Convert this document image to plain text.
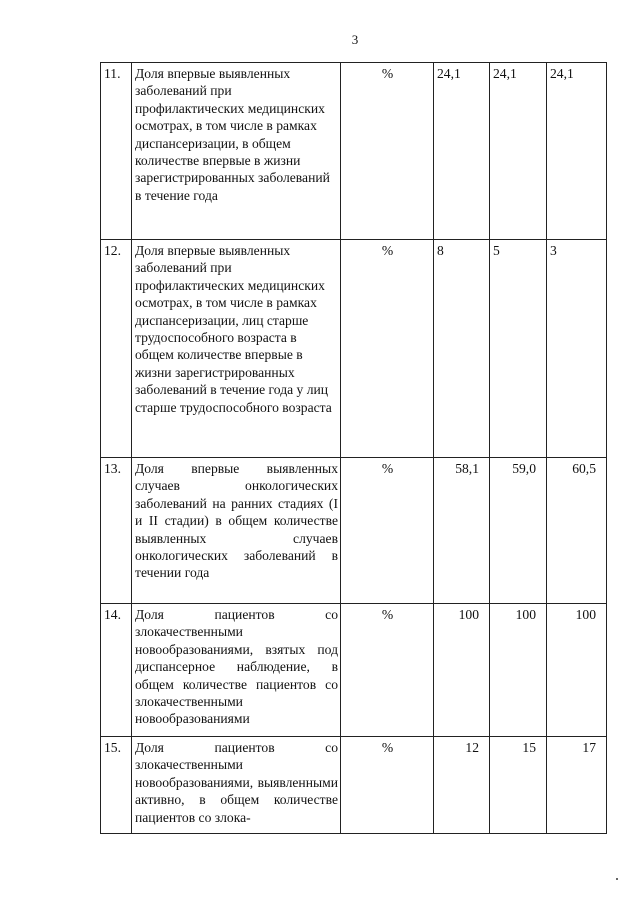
3
11.	Доля впервые выявленных заболеваний при профилактических медицинских осмотрах, в том числе в рамках диспансеризации, в общем количестве впервые в жизни зарегистрированных заболеваний в течение года	%	24,1	24,1	24,1
12.	Доля впервые выявленных заболеваний при профилактических медицинских осмотрах, в том числе в рамках диспансеризации, лиц старше трудоспособного возраста в общем количестве впервые в жизни зарегистрированных заболеваний в течение года у лиц старше трудоспособного возраста	%	8	5	3
13.	Доля впервые выявленных случаев онкологических заболеваний на ранних стадиях (I и II стадии) в общем количестве выявленных случаев онкологических заболеваний в течении года	%	58,1	59,0	60,5
14.	Доля пациентов со злокачественными новообразованиями, взятых под диспансерное наблюдение, в общем количестве пациентов со злокачественными новообразованиями	%	100	100	100
15.	Доля пациентов со злокачественными новообразованиями, выявленными активно, в общем количестве пациентов со злока-	%	12	15	17
